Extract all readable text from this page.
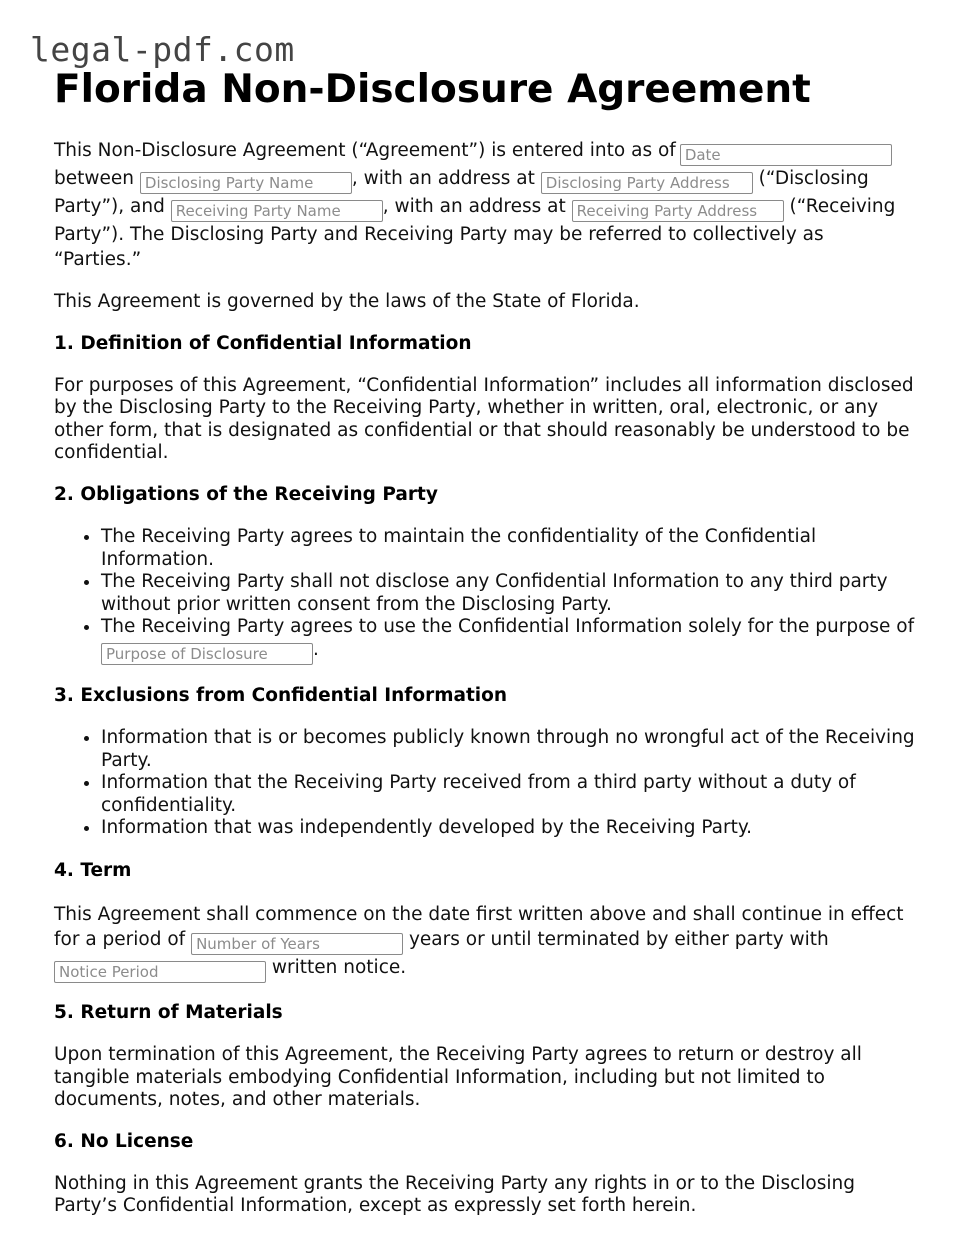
legal-pdf.com
Florida Non-Disclosure Agreement

This Non-Disclosure Agreement (“Agreement”) is entered into as ofDate between Disclosing Party Name	, with an address at Disclosing Party Address	(“Disclosing Party”), and Receiving Party Name	, with an address at Receiving Party Address	(“Receiving Party”). The Disclosing Party and Receiving Party may be referred to collectively as “Parties.”

This Agreement is governed by the laws of the State of Florida.

1. Definition of Confidential Information

For purposes of this Agreement, “Confidential Information” includes all information disclosed by the Disclosing Party to the Receiving Party, whether in written, oral, electronic, or any other form, that is designated as confidential or that should reasonably be understood to be confidential.

2. Obligations of the Receiving Party
• The Receiving Party agrees to maintain the confidentiality of the Confidential Information.
• The Receiving Party shall not disclose any Confidential Information to any third party without prior written consent from the Disclosing Party.
• The Receiving Party agrees to use the Confidential Information solely for the purpose of Purpose of Disclosure.
3. Exclusions from Confidential Information
• Information that is or becomes publicly known through no wrongful act of the Receiving Party.
• Information that the Receiving Party received from a third party without a duty of confidentiality.
• Information that was independently developed by the Receiving Party.
4. Term

This Agreement shall commence on the date first written above and shall continue in effect for a period of Number of Years	years or until terminated by either party with Notice Period written notice.

5. Return of Materials

Upon termination of this Agreement, the Receiving Party agrees to return or destroy all tangible materials embodying Confidential Information, including but not limited to documents, notes, and other materials.

6. No License

Nothing in this Agreement grants the Receiving Party any rights in or to the Disclosing Party’s Confidential Information, except as expressly set forth herein.
